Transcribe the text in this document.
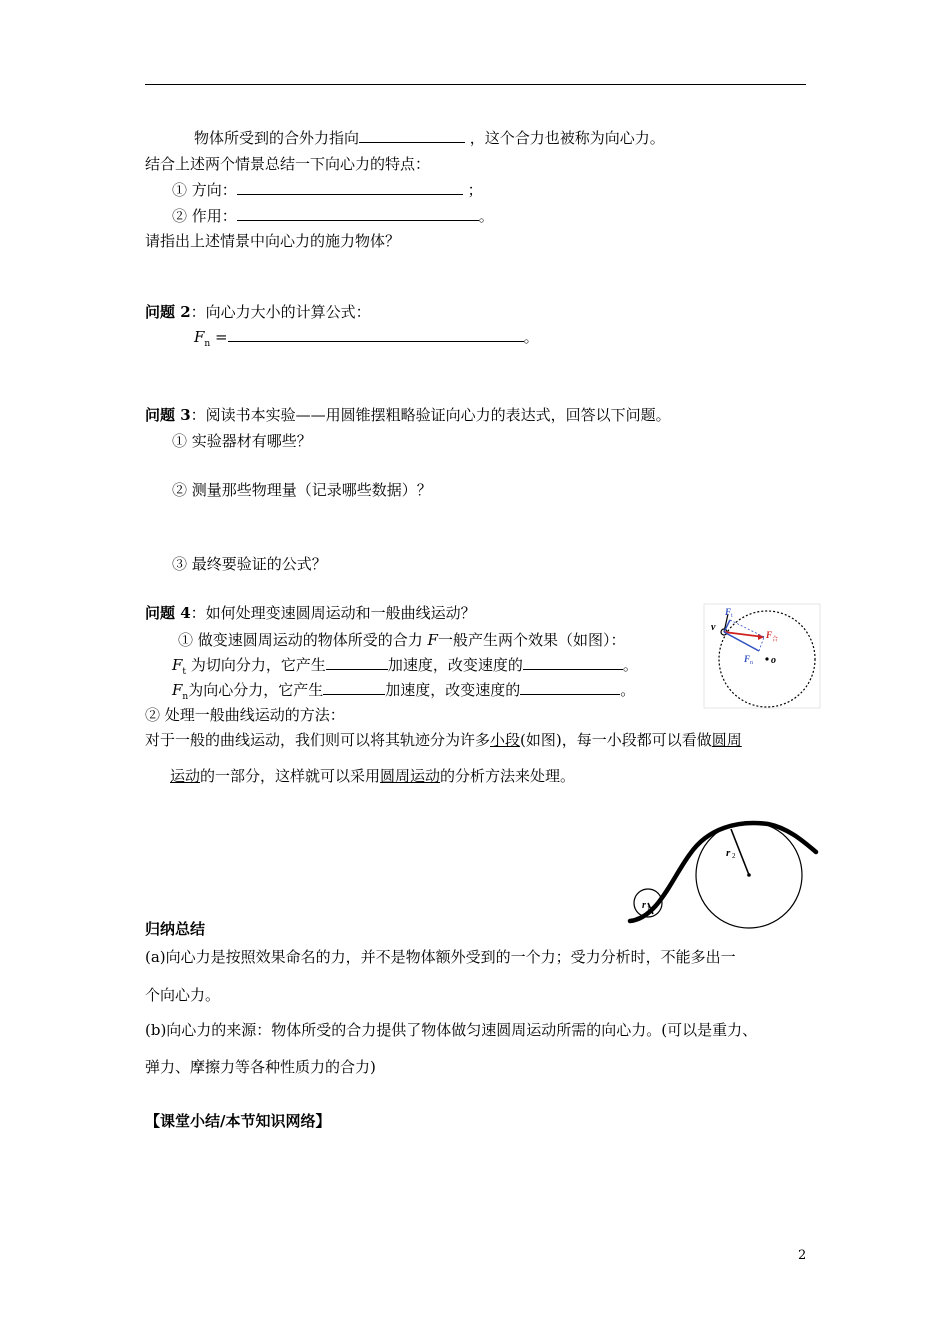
物体所受到的合外力指向	，这个合力也被称为向心力。
结合上述两个情景总结一下向心力的特点：
① 方向：	；
② 作用：	。
请指出上述情景中向心力的施力物体？
问题 2：向心力大小的计算公式：
$F_n$ =	。
问题 3：阅读书本实验——用圆锥摆粗略验证向心力的表达式，回答以下问题。
① 实验器材有哪些？
② 测量那些物理量（记录哪些数据）？
③ 最终要验证的公式？
问题 4：如何处理变速圆周运动和一般曲线运动？
① 做变速圆周运动的物体所受的合力 F一般产生两个效果（如图）：
$F_t$ 为切向分力，它产生	加速度，改变速度的	。
$F_n$为向心分力，它产生	加速度，改变速度的	。
② 处理一般曲线运动的方法：
对于一般的曲线运动，我们则可以将其轨迹分为许多小段(如图)，每一小段都可以看做圆周
运动的一部分，这样就可以采用圆周运动的分析方法来处理。
v
F t
F 合
F n o
r 1
r 2
归纳总结
(a)向心力是按照效果命名的力，并不是物体额外受到的一个力；受力分析时，不能多出一
个向心力。
(b)向心力的来源：物体所受的合力提供了物体做匀速圆周运动所需的向心力。(可以是重力、
弹力、摩擦力等各种性质力的合力)
【课堂小结/本节知识网络】
2
